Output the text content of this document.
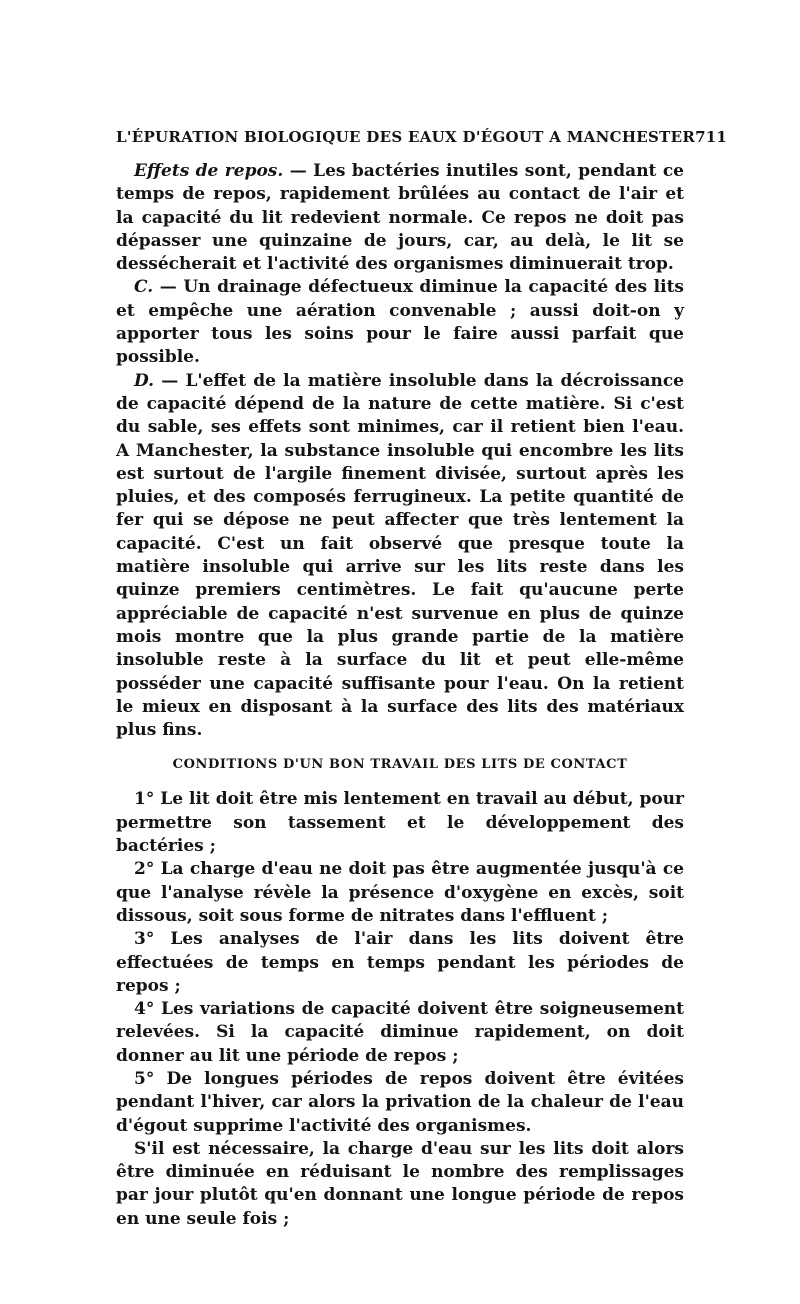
L'ÉPURATION BIOLOGIQUE DES EAUX D'ÉGOUT A MANCHESTER 711

Effets de repos. — Les bactéries inutiles sont, pendant ce temps de repos, rapidement brûlées au contact de l'air et la capacité du lit redevient normale. Ce repos ne doit pas dépasser une quinzaine de jours, car, au delà, le lit se dessécherait et l'activité des organismes diminuerait trop.

C. — Un drainage défectueux diminue la capacité des lits et empêche une aération convenable ; aussi doit-on y apporter tous les soins pour le faire aussi parfait que possible.

D. — L'effet de la matière insoluble dans la décroissance de capacité dépend de la nature de cette matière. Si c'est du sable, ses effets sont minimes, car il retient bien l'eau. A Manchester, la substance insoluble qui encombre les lits est surtout de l'argile finement divisée, surtout après les pluies, et des composés ferrugineux. La petite quantité de fer qui se dépose ne peut affecter que très lentement la capacité. C'est un fait observé que presque toute la matière insoluble qui arrive sur les lits reste dans les quinze premiers centimètres. Le fait qu'aucune perte appréciable de capacité n'est survenue en plus de quinze mois montre que la plus grande partie de la matière insoluble reste à la surface du lit et peut elle-même posséder une capacité suffisante pour l'eau. On la retient le mieux en disposant à la surface des lits des matériaux plus fins.

CONDITIONS D'UN BON TRAVAIL DES LITS DE CONTACT

1° Le lit doit être mis lentement en travail au début, pour permettre son tassement et le développement des bactéries ;

2° La charge d'eau ne doit pas être augmentée jusqu'à ce que l'analyse révèle la présence d'oxygène en excès, soit dissous, soit sous forme de nitrates dans l'effluent ;

3° Les analyses de l'air dans les lits doivent être effectuées de temps en temps pendant les périodes de repos ;

4° Les variations de capacité doivent être soigneusement relevées. Si la capacité diminue rapidement, on doit donner au lit une période de repos ;

5° De longues périodes de repos doivent être évitées pendant l'hiver, car alors la privation de la chaleur de l'eau d'égout supprime l'activité des organismes.

S'il est nécessaire, la charge d'eau sur les lits doit alors être diminuée en réduisant le nombre des remplissages par jour plutôt qu'en donnant une longue période de repos en une seule fois ;
